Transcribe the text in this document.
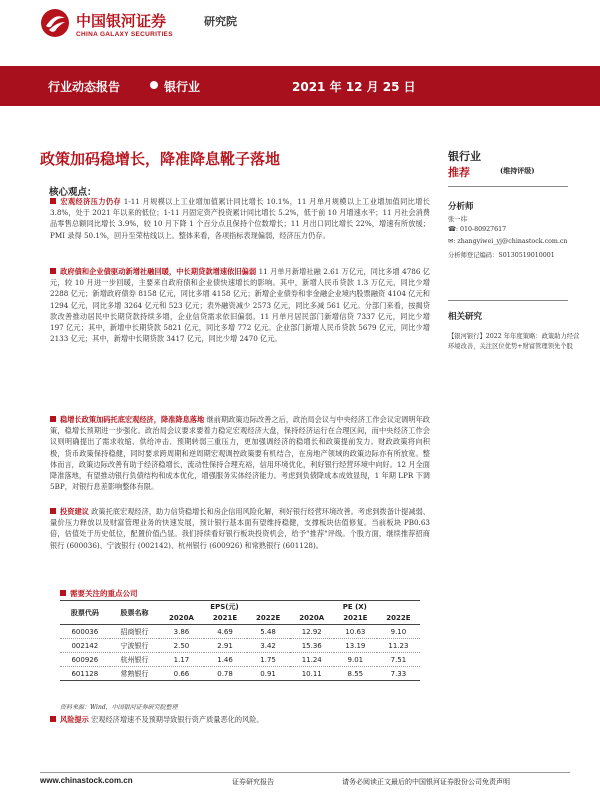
中国银河证券	研究院
CHINA GALAXY SECURITIES
行业动态报告	银行业	2021 年 12 月 25 日
政策加码稳增长，降准降息靴子落地
核心观点：
宏观经济压力仍存 1-11 月规模以上工业增加值累计同比增长 10.1%，11 月单月规模以上工业增加值同比增长 3.8%，处于 2021 年以来的低位；1-11 月固定资产投资累计同比增长 5.2%，低于前 10 月增速水平；11 月社会消费品零售总额同比增长 3.9%，较 10 月下降 1 个百分点且保持个位数增长；11 月出口同比增长 22%，增速有所放缓；PMI 录得 50.1%，回升至荣枯线以上。整体来看，各项指标表现偏弱，经济压力仍存。
政府债和企业债驱动新增社融回暖，中长期贷款增速依旧偏弱 11 月单月新增社融 2.61 万亿元，同比多增 4786 亿元，较 10 月进一步回暖，主要来自政府债和企业债快速增长的影响。其中，新增人民币贷款 1.3 万亿元，同比少增 2288 亿元；新增政府债券 8158 亿元，同比多增 4158 亿元；新增企业债券和非金融企业境内股票融资 4104 亿元和 1294 亿元，同比多增 3264 亿元和 523 亿元；表外融资减少 2573 亿元，同比多减 561 亿元。分部门来看，按揭贷款改善推动居民中长期贷款持续多增，企业信贷需求依旧偏弱。11 月单月居民部门新增信贷 7337 亿元，同比少增 197 亿元；其中，新增中长期贷款 5821 亿元，同比多增 772 亿元。企业部门新增人民币贷款 5679 亿元，同比少增 2133 亿元；其中，新增中长期贷款 3417 亿元，同比少增 2470 亿元。
稳增长政策加码托底宏观经济，降准降息落地 继前期政策边际改善之后，政治局会议与中央经济工作会议定调明年政策，稳增长预期进一步强化。政治局会议要求要着力稳定宏观经济大盘，保持经济运行在合理区间，而中央经济工作会议则明确提出了需求收缩、供给冲击、预期转弱三重压力，更加强调经济的稳增长和政策提前发力。财政政策将向积极，货币政策保持稳健，同时要求跨周期和逆周期宏观调控政策要有机结合，在房地产领域的政策边际亦有所放宽。整体而言，政策边际改善有助于经济稳增长，流动性保持合理充裕，信用环境优化，利好银行经营环境中向好。12 月全面降准落地，有望推动银行负债结构和成本优化，增强服务实体经济能力。考虑到负债降成本成效显现，1 年期 LPR 下调 5BP，对银行息差影响整体有限。
投资建议 政策托底宏观经济，助力信贷稳增长和房企信用风险化解，利好银行经营环境改善。考虑到拨备计提减弱、量价压力释放以及财富管理业务的快速发展，预计银行基本面有望维持稳健，支撑板块估值修复。当前板块 PB0.63 倍，估值处于历史低位，配置价值凸显。我们持续看好银行板块投资机会，给予"推荐"评级。个股方面，继续推荐招商银行 (600036)、宁波银行 (002142)、杭州银行 (600926) 和常熟银行 (601128)。
需要关注的重点公司
股票代码	股票名称	EPS(元)			PE (X)		
		2020A	2021E	2022E	2020A	2021E	2022E
600036	招商银行	3.86	4.69	5.48	12.92	10.63	9.10
002142	宁波银行	2.50	2.91	3.42	15.36	13.19	11.23
600926	杭州银行	1.17	1.46	1.75	11.24	9.01	7.51
601128	常熟银行	0.66	0.78	0.91	10.11	8.55	7.33
资料来源：Wind，中国银河证券研究院整理
风险提示 宏观经济增速不及预期导致银行资产质量恶化的风险。
银行业
推荐	(维持评级)
分析师
张一纬
☎: 010-80927617
✉: zhangyiwei_yj@chinastock.com.cn
分析师登记编码：S0130519010001
相关研究
【银河银行】2022 年年度策略：政策助力经营环境改善，关注区位优势+财富管理领先个股
www.chinastock.com.cn	证券研究报告	请务必阅读正文最后的中国银河证券股份公司免责声明
